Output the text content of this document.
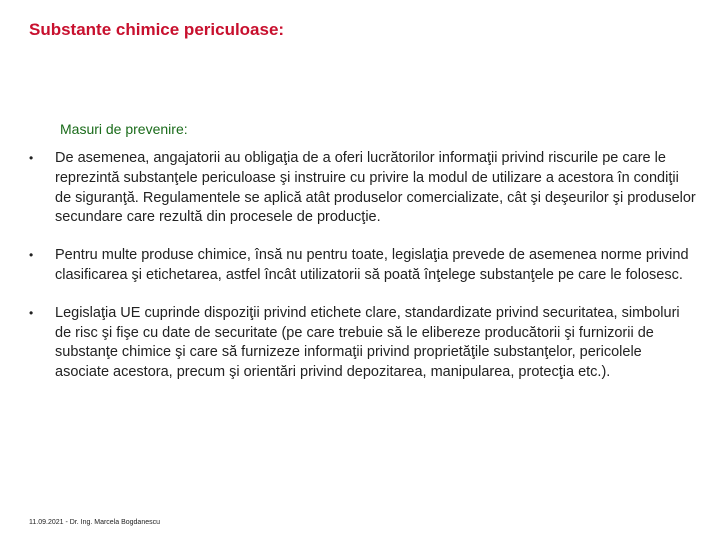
Substante chimice periculoase:
Masuri de prevenire:
• De asemenea, angajatorii au obligaţia de a oferi lucrătorilor informaţii privind riscurile pe care le reprezintă substanţele periculoase şi instruire cu privire la modul de utilizare a acestora în condiţii de siguranţă. Regulamentele se aplică atât produselor comercializate, cât şi deşeurilor şi produselor secundare care rezultă din procesele de producţie.
• Pentru multe produse chimice, însă nu pentru toate, legislaţia prevede de asemenea norme privind clasificarea şi etichetarea, astfel încât utilizatorii să poată înţelege substanţele pe care le folosesc.
• Legislaţia UE cuprinde dispoziţii privind etichete clare, standardizate privind securitatea, simboluri de risc şi fişe cu date de securitate (pe care trebuie să le elibereze producătorii şi furnizorii de substanţe chimice şi care să furnizeze informaţii privind proprietăţile substanţelor, pericolele asociate acestora, precum şi orientări privind depozitarea, manipularea, protecţia etc.).
11.09.2021 - Dr. Ing. Marcela Bogdanescu
